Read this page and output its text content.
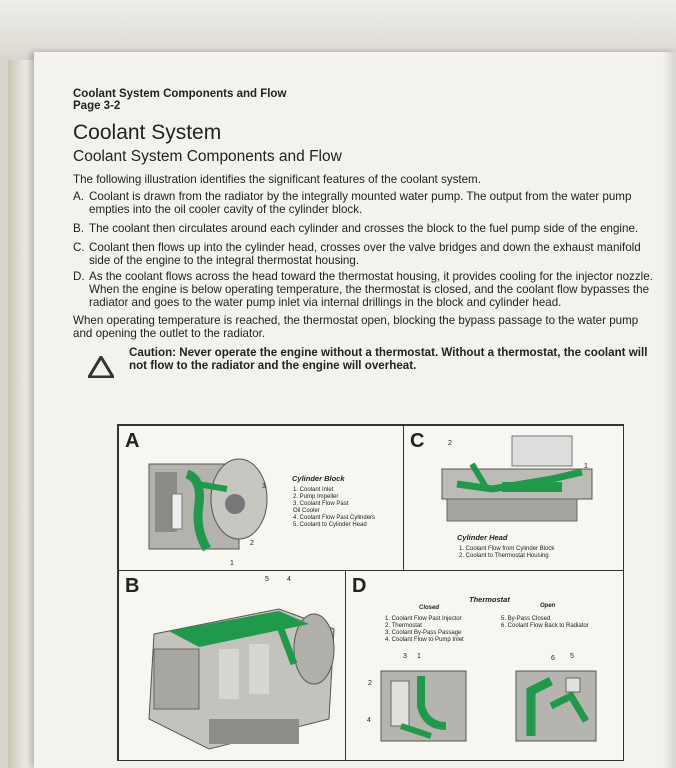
Coolant System Components and Flow
Page 3-2
Coolant System
Coolant System Components and Flow
The following illustration identifies the significant features of the coolant system.
A. Coolant is drawn from the radiator by the integrally mounted water pump. The output from the water pump
empties into the oil cooler cavity of the cylinder block.
B. The coolant then circulates around each cylinder and crosses the block to the fuel pump side of the engine.
C. Coolant then flows up into the cylinder head, crosses over the valve bridges and down the exhaust manifold
side of the engine to the integral thermostat housing.
D. As the coolant flows across the head toward the thermostat housing, it provides cooling for the injector nozzle.
When the engine is below operating temperature, the thermostat is closed, and the coolant flow bypasses the
radiator and goes to the water pump inlet via internal drillings in the block and cylinder head.
When operating temperature is reached, the thermostat open, blocking the bypass passage to the water pump
and opening the outlet to the radiator.
Caution: Never operate the engine without a thermostat. Without a thermostat, the coolant will
not flow to the radiator and the engine will overheat.
A
3
2
1
Cylinder Block
1. Coolant Inlet
2. Pump Impeller
3. Coolant Flow Past
Oil Cooler
4. Coolant Flow Past Cylinders
5. Coolant to Cylinder Head
C	2
1
Cylinder Head
1. Coolant Flow from Cylinder Block
2. Coolant to Thermostat Housing
B	5	4	D
Thermostat
Closed	Open
1. Coolant Flow Past Injector
2. Thermostat
3. Coolant By-Pass Passage
4. Coolant Flow to Pump Inlet
5. By-Pass Closed
6. Coolant Flow Back to Radiator
3 1
2
4
6 5
